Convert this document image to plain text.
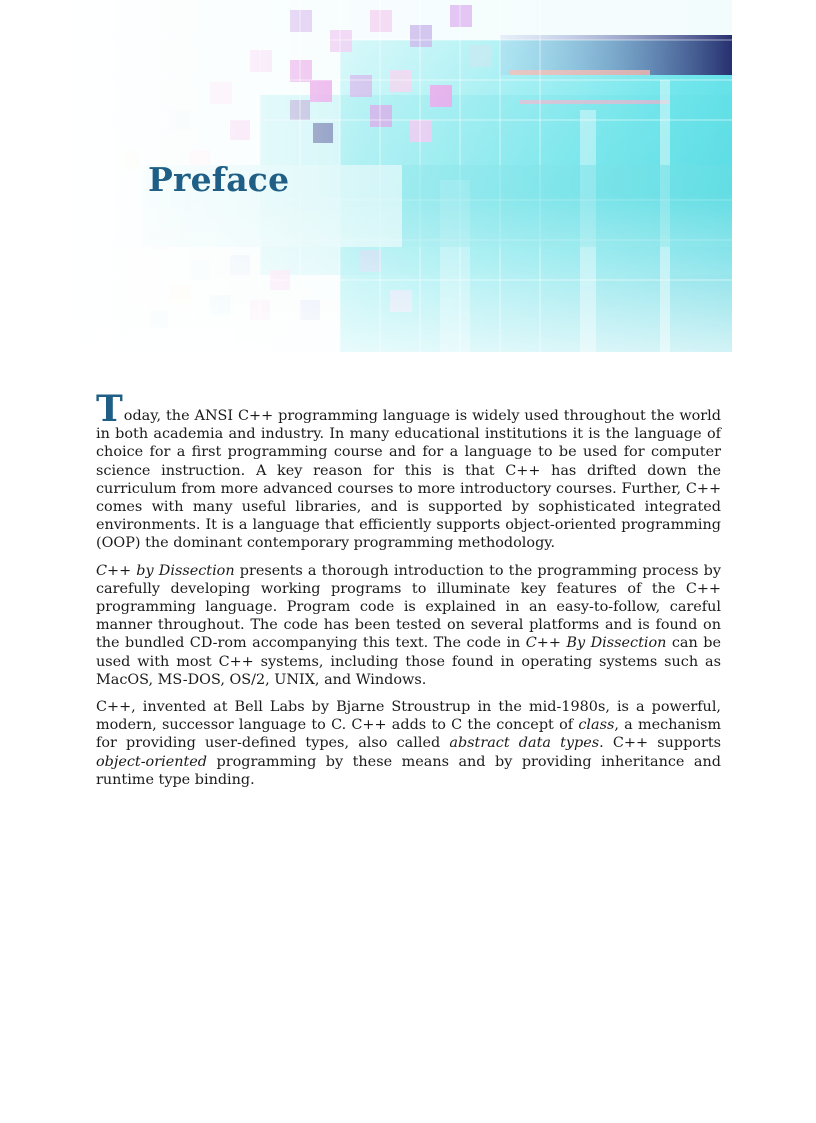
Preface

Today, the ANSI C++ programming language is widely used throughout the world in both academia and industry. In many educational institutions it is the language of choice for a first programming course and for a language to be used for computer science instruction. A key reason for this is that C++ has drifted down the curriculum from more advanced courses to more introductory courses. Further, C++ comes with many useful libraries, and is supported by sophisticated integrated environments. It is a language that efficiently supports object-oriented programming (OOP) the dominant contemporary programming methodology.

C++ by Dissection presents a thorough introduction to the programming process by carefully developing working programs to illuminate key features of the C++ programming language. Program code is explained in an easy-to-follow, careful manner throughout. The code has been tested on several platforms and is found on the bundled CD-rom accompanying this text. The code in C++ By Dissection can be used with most C++ systems, including those found in operating systems such as MacOS, MS-DOS, OS/2, UNIX, and Windows.

C++, invented at Bell Labs by Bjarne Stroustrup in the mid-1980s, is a powerful, modern, successor language to C. C++ adds to C the concept of class, a mechanism for providing user-defined types, also called abstract data types. C++ supports object-oriented programming by these means and by providing inheritance and runtime type binding.
